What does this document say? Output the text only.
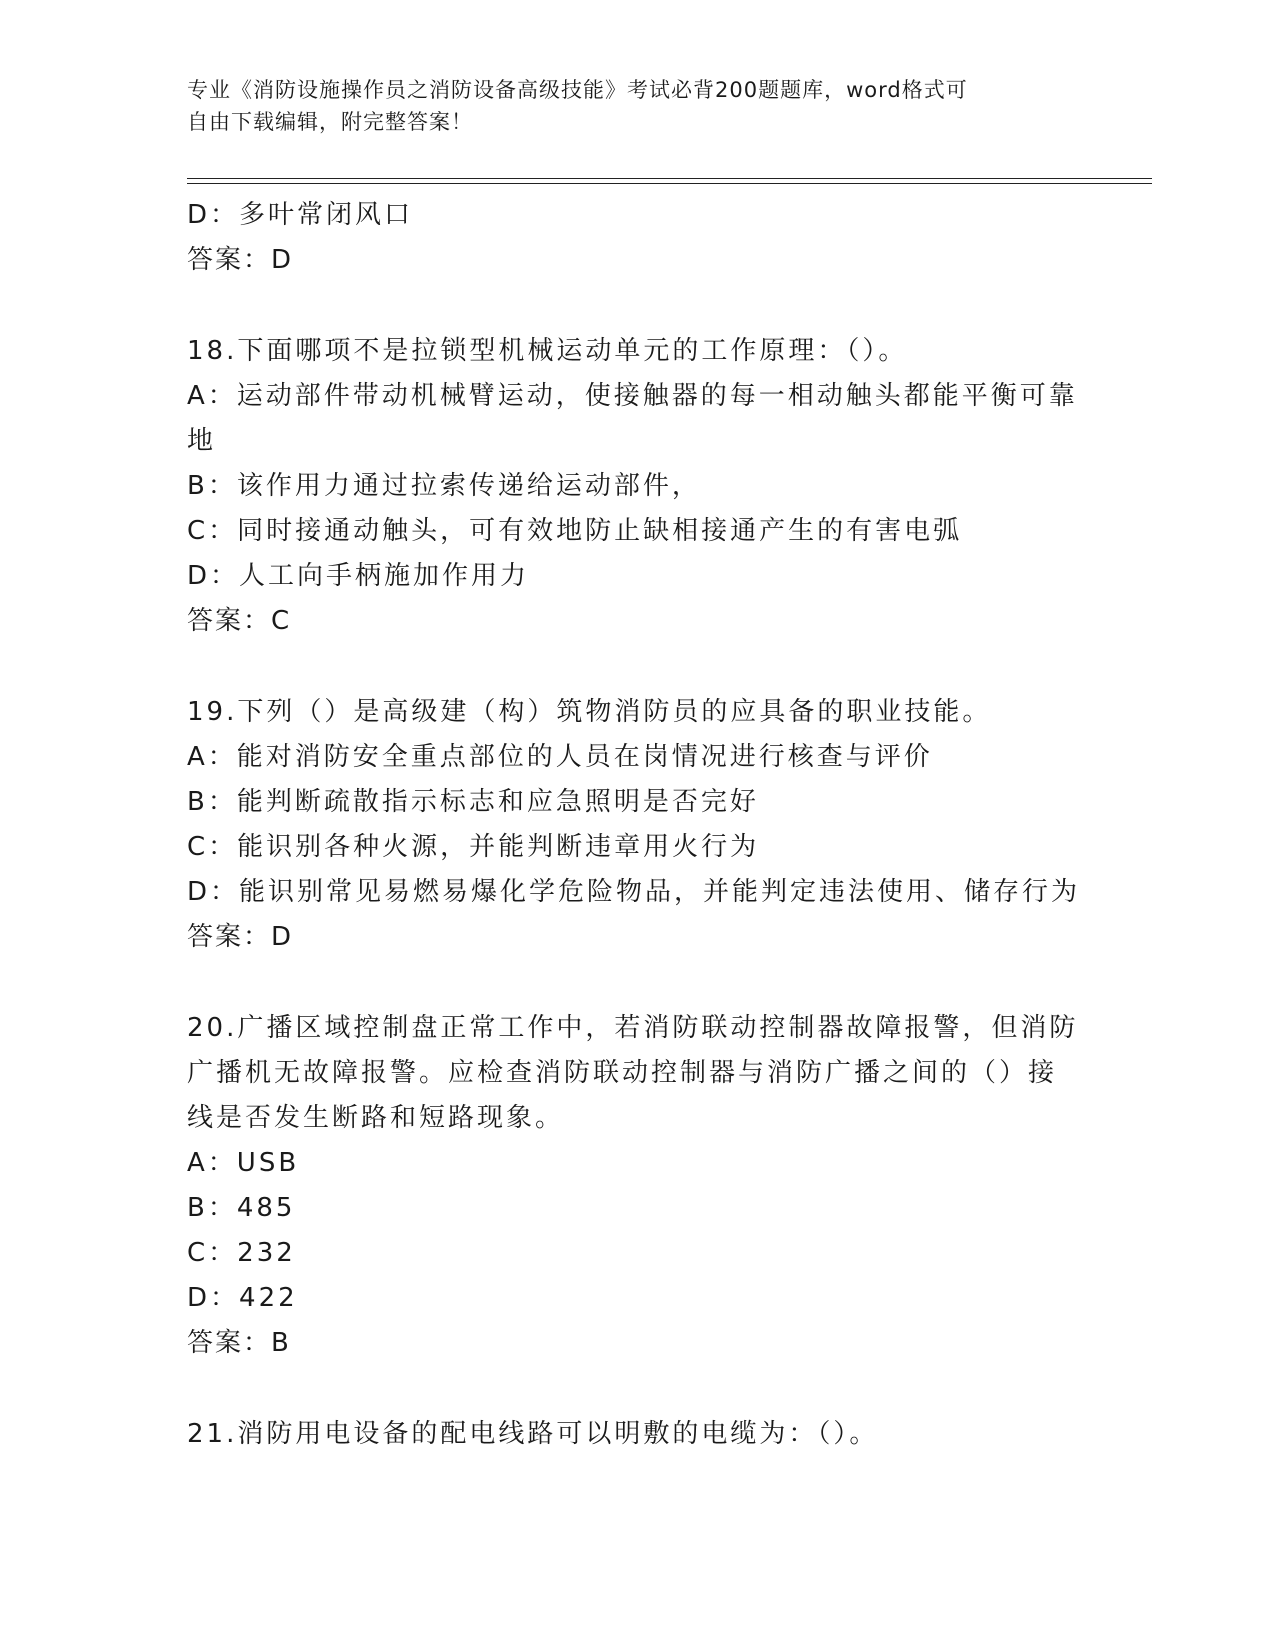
专业《消防设施操作员之消防设备高级技能》考试必背200题题库，word格式可
自由下载编辑，附完整答案！
D：多叶常闭风口
答案：D
18.下面哪项不是拉锁型机械运动单元的工作原理：（）。
A：运动部件带动机械臂运动，使接触器的每一相动触头都能平衡可靠
地
B：该作用力通过拉索传递给运动部件，
C：同时接通动触头，可有效地防止缺相接通产生的有害电弧
D：人工向手柄施加作用力
答案：C
19.下列（）是高级建（构）筑物消防员的应具备的职业技能。
A：能对消防安全重点部位的人员在岗情况进行核查与评价
B：能判断疏散指示标志和应急照明是否完好
C：能识别各种火源，并能判断违章用火行为
D：能识别常见易燃易爆化学危险物品，并能判定违法使用、储存行为
答案：D
20.广播区域控制盘正常工作中，若消防联动控制器故障报警，但消防
广播机无故障报警。应检查消防联动控制器与消防广播之间的（）接
线是否发生断路和短路现象。
A：USB
B：485
C：232
D：422
答案：B
21.消防用电设备的配电线路可以明敷的电缆为：（）。
